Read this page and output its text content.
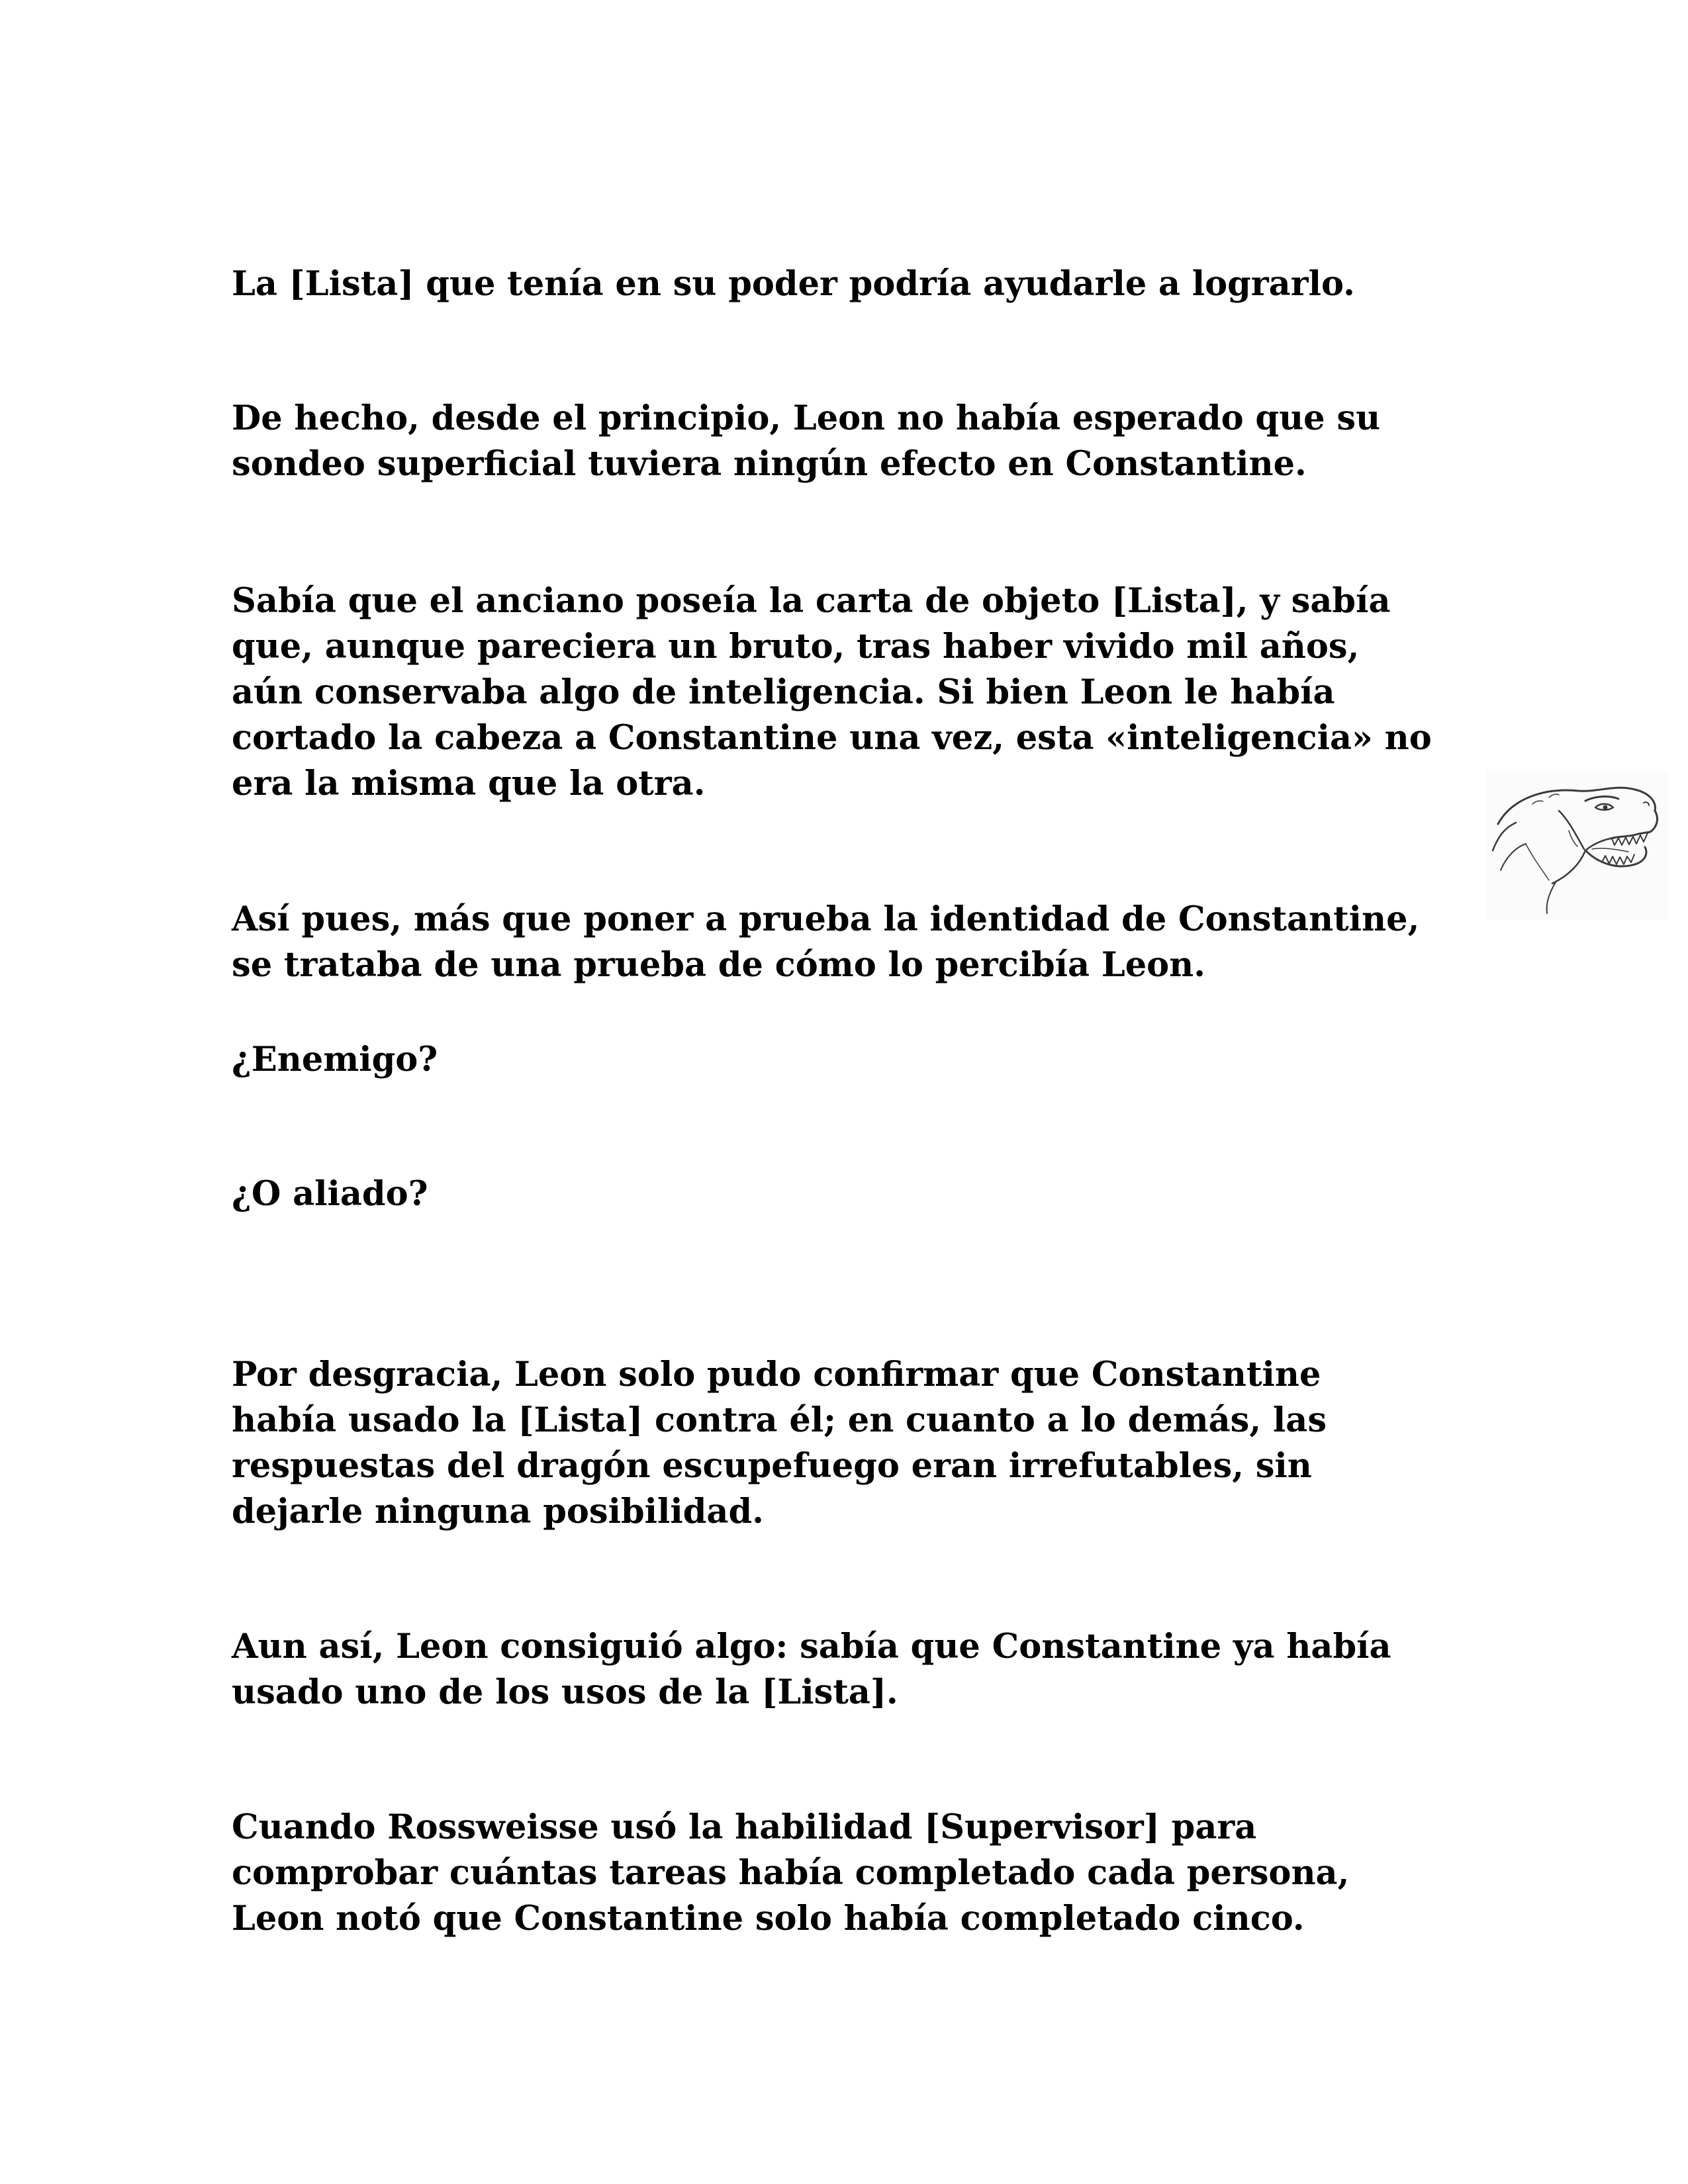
La [Lista] que tenía en su poder podría ayudarle a lograrlo.

De hecho, desde el principio, Leon no había esperado que su
sondeo superficial tuviera ningún efecto en Constantine.

Sabía que el anciano poseía la carta de objeto [Lista], y sabía
que, aunque pareciera un bruto, tras haber vivido mil años,
aún conservaba algo de inteligencia. Si bien Leon le había
cortado la cabeza a Constantine una vez, esta «inteligencia» no
era la misma que la otra.

Así pues, más que poner a prueba la identidad de Constantine,
se trataba de una prueba de cómo lo percibía Leon.

¿Enemigo?

¿O aliado?

Por desgracia, Leon solo pudo confirmar que Constantine
había usado la [Lista] contra él; en cuanto a lo demás, las
respuestas del dragón escupefuego eran irrefutables, sin
dejarle ninguna posibilidad.

Aun así, Leon consiguió algo: sabía que Constantine ya había
usado uno de los usos de la [Lista].

Cuando Rossweisse usó la habilidad [Supervisor] para
comprobar cuántas tareas había completado cada persona,
Leon notó que Constantine solo había completado cinco.
